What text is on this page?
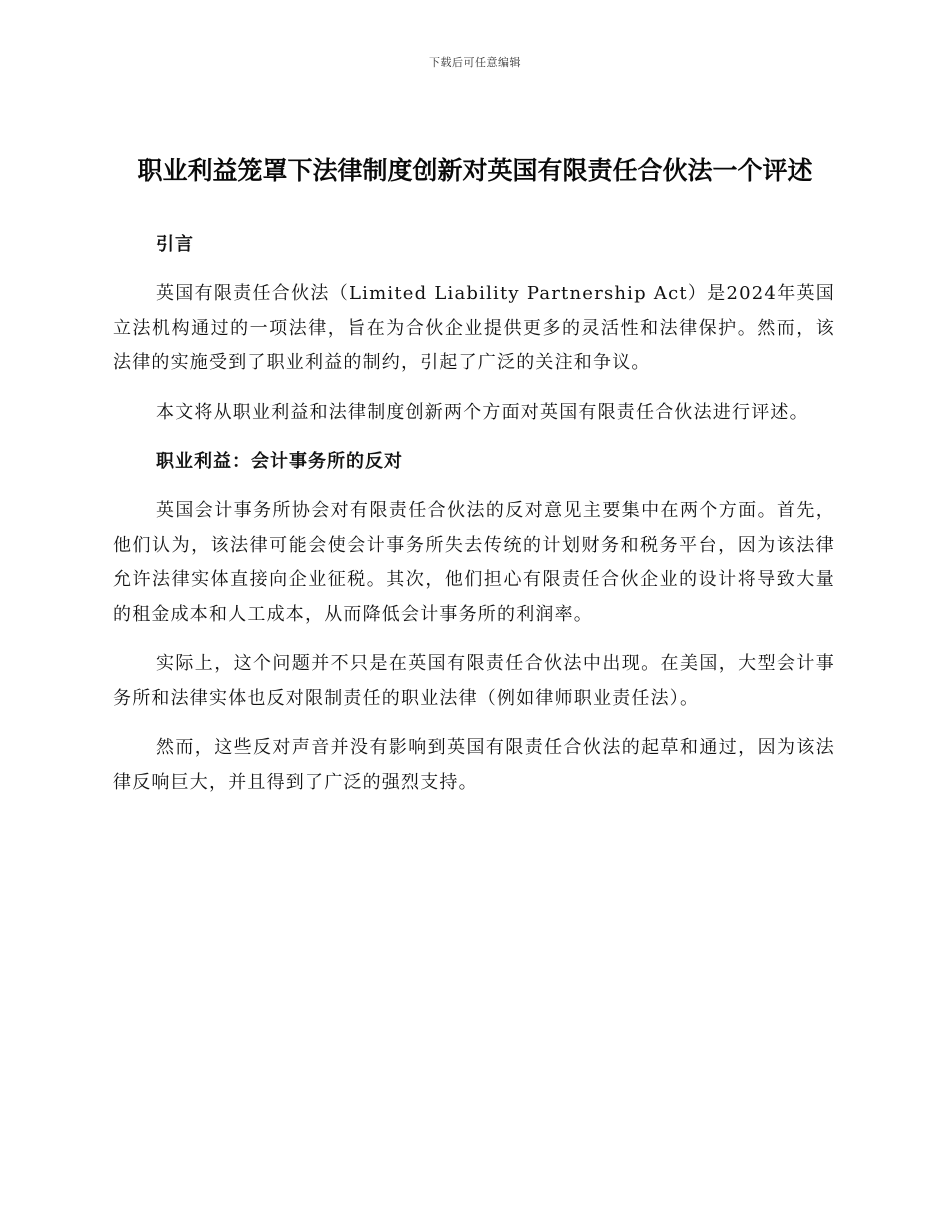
下载后可任意编辑
职业利益笼罩下法律制度创新对英国有限责任合伙法一个评述
引言

英国有限责任合伙法（Limited Liability Partnership Act）是2024年英国立法机构通过的一项法律，旨在为合伙企业提供更多的灵活性和法律保护。然而，该法律的实施受到了职业利益的制约，引起了广泛的关注和争议。

本文将从职业利益和法律制度创新两个方面对英国有限责任合伙法进行评述。

职业利益：会计事务所的反对

英国会计事务所协会对有限责任合伙法的反对意见主要集中在两个方面。首先，他们认为，该法律可能会使会计事务所失去传统的计划财务和税务平台，因为该法律允许法律实体直接向企业征税。其次，他们担心有限责任合伙企业的设计将导致大量的租金成本和人工成本，从而降低会计事务所的利润率。

实际上，这个问题并不只是在英国有限责任合伙法中出现。在美国，大型会计事务所和法律实体也反对限制责任的职业法律（例如律师职业责任法）。

然而，这些反对声音并没有影响到英国有限责任合伙法的起草和通过，因为该法律反响巨大，并且得到了广泛的强烈支持。
